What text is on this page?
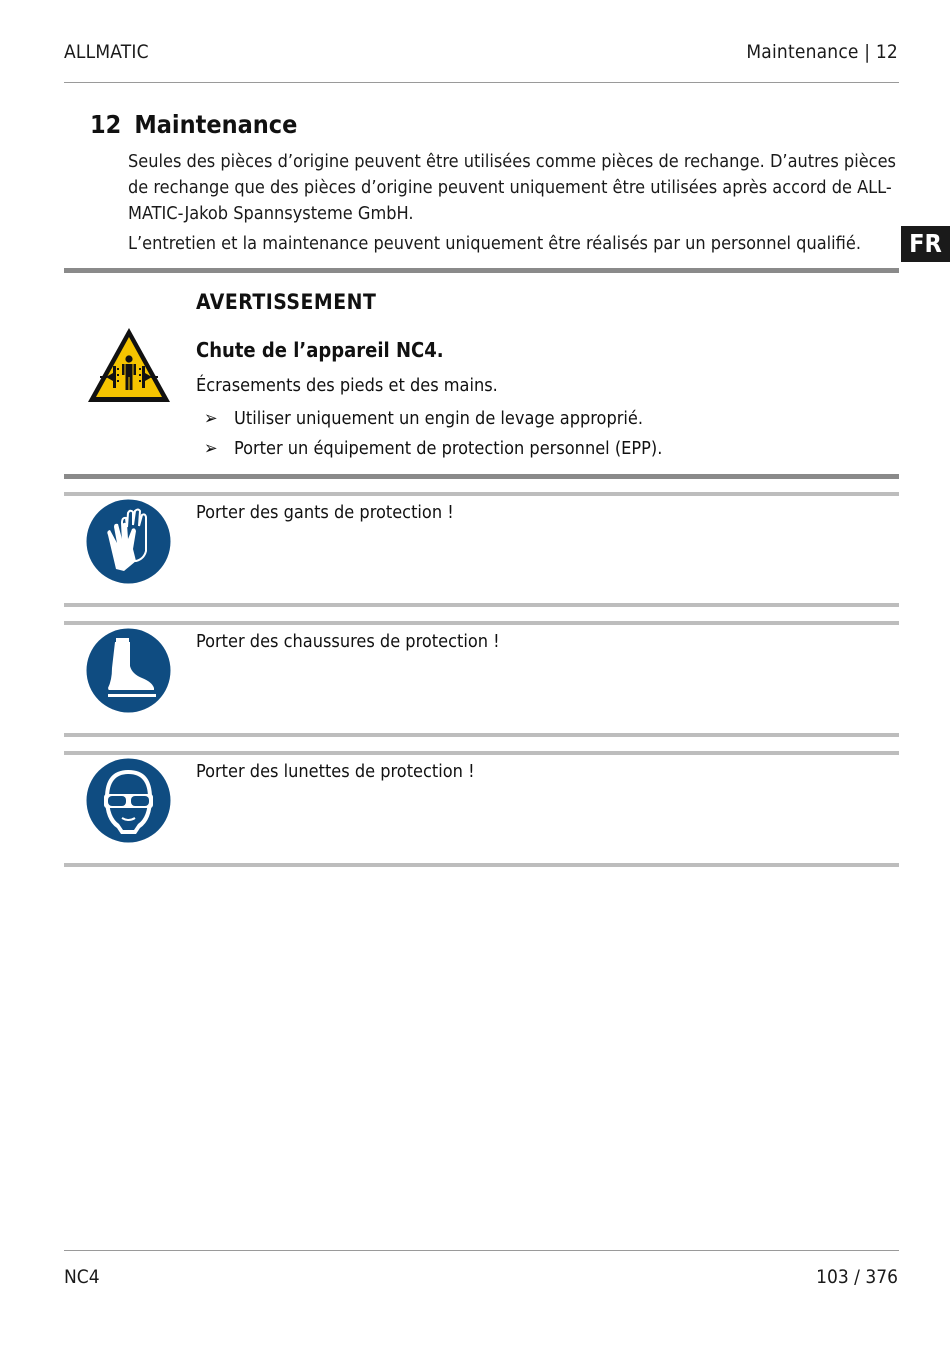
ALLMATIC	Maintenance | 12
12 Maintenance
Seules des pièces d’origine peuvent être utilisées comme pièces de rechange. D’autres pièces
de rechange que des pièces d’origine peuvent uniquement être utilisées après accord de ALL-
MATIC-Jakob Spannsysteme GmbH.
L’entretien et la maintenance peuvent uniquement être réalisés par un personnel qualifié.	FR
AVERTISSEMENT
Chute de l’appareil NC4.
Écrasements des pieds et des mains.
➢ Utiliser uniquement un engin de levage approprié.
➢ Porter un équipement de protection personnel (EPP).
Porter des gants de protection !
Porter des chaussures de protection !
Porter des lunettes de protection !
NC4	103 / 376
